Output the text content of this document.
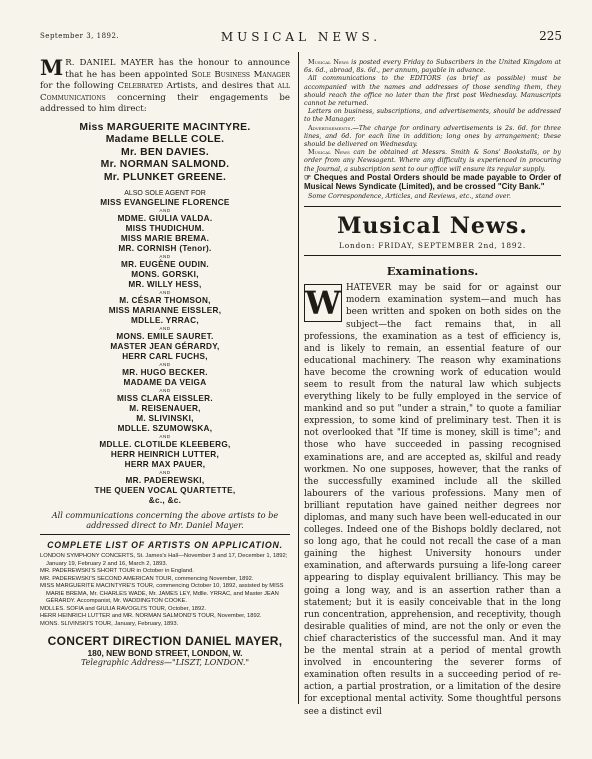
September 3, 1892.	MUSICAL NEWS.	225
M R. DANIEL MAYER has the honour to announce that he has been appointed Sole Business Manager for the following Celebrated Artists, and desires that all Communications concerning their engagements be addressed to him direct:
Miss MARGUERITE MACINTYRE.
Madame BELLE COLE.
Mr. BEN DAVIES.
Mr. NORMAN SALMOND.
Mr. PLUNKET GREENE.
ALSO SOLE AGENT FOR
MISS EVANGELINE FLORENCE
AND
MDME. GIULIA VALDA.
MISS THUDICHUM.
MISS MARIE BREMA.
MR. CORNISH (Tenor).
AND
MR. EUGÈNE OUDIN.
MONS. GORSKI,
MR. WILLY HESS,
AND
M. CÉSAR THOMSON,
MISS MARIANNE EISSLER,
MDLLE. YRRAC,
AND
MONS. EMILE SAURET.
MASTER JEAN GÉRARDY,
HERR CARL FUCHS,
AND
MR. HUGO BECKER.
MADAME DA VEIGA
AND
MISS CLARA EISSLER.
M. REISENAUER,
M. SLIVINSKI,
MDLLE. SZUMOWSKA,
AND
MDLLE. CLOTILDE KLEEBERG,
HERR HEINRICH LUTTER,
HERR MAX PAUER,
AND
MR. PADEREWSKI,
THE QUEEN VOCAL QUARTETTE,
&c., &c.
All communications concerning the above artists to be addressed direct to Mr. Daniel Mayer.
COMPLETE LIST OF ARTISTS ON APPLICATION.
LONDON SYMPHONY CONCERTS, St. James's Hall—November 3 and 17, December 1, 1892; January 19, February 2 and 16, March 2, 1893.
MR. PADEREWSKI'S SHORT TOUR in October in England.
MR. PADEREWSKI'S SECOND AMERICAN TOUR, commencing November, 1892.
MISS MARGUERITE MACINTYRE'S TOUR, commencing October 10, 1892, assisted by MISS MARIE BREMA, Mr. CHARLES WADE, Mr. JAMES LEY, Mdlle. YRRAC, and Master JEAN GÉRARDY. Accompanist, Mr. WADDINGTON COOKE.
MDLLES. SOFIA and GIULIA RAVOGLI'S TOUR, October, 1892.
HERR HEINRICH LUTTER and MR. NORMAN SALMOND'S TOUR, November, 1892.
MONS. SLIVINSKI'S TOUR, January, February, 1893.
CONCERT DIRECTION DANIEL MAYER,
180, NEW BOND STREET, LONDON, W.
Telegraphic Address—"LISZT, LONDON."

Musical News is posted every Friday to Subscribers in the United Kingdom at 6s. 6d., abroad, 8s. 6d., per annum, payable in advance.

All communications to the EDITORS (as brief as possible) must be accompanied with the names and addresses of those sending them, they should reach the office no later than the first post Wednesday. Manuscripts cannot be returned.

Letters on business, subscriptions, and advertisements, should be addressed to the Manager.

Advertisements.—The charge for ordinary advertisements is 2s. 6d. for three lines, and 6d. for each line in addition; long ones by arrangement; these should be delivered on Wednesday.

Musical News can be obtained at Messrs. Smith & Sons' Bookstalls, or by order from any Newsagent. Where any difficulty is experienced in procuring the Journal, a subscription sent to our office will ensure its regular supply.

☞ Cheques and Postal Orders should be made payable to Order of Musical News Syndicate (Limited), and be crossed "City Bank."

Some Correspondence, Articles, and Reviews, etc., stand over.

Musical News.
London: FRIDAY, SEPTEMBER 2nd, 1892.
Examinations.
W HATEVER may be said for or against our modern examination system—and much has been written and spoken on both sides on the subject—the fact remains that, in all professions, the examination as a test of efficiency is, and is likely to remain, an essential feature of our educational machinery. The reason why examinations have become the crowning work of education would seem to result from the natural law which subjects everything likely to be fully employed in the service of mankind and so put "under a strain," to quote a familiar expression, to some kind of preliminary test. Then it is not overlooked that "If time is money, skill is time"; and those who have succeeded in passing recognised examinations are, and are accepted as, skilful and ready workmen. No one supposes, however, that the ranks of the successfully examined include all the skilled labourers of the various professions. Many men of brilliant reputation have gained neither degrees nor diplomas, and many such have been well-educated in our colleges. Indeed one of the Bishops boldly declared, not so long ago, that he could not recall the case of a man gaining the highest University honours under examination, and afterwards pursuing a life-long career appearing to display equivalent brilliancy. This may be going a long way, and is an assertion rather than a statement; but it is easily conceivable that in the long run concentration, apprehension, and receptivity, though desirable qualities of mind, are not the only or even the chief characteristics of the successful man. And it may be the mental strain at a period of mental growth involved in encountering the severer forms of examination often results in a succeeding period of re-action, a partial prostration, or a limitation of the desire for exceptional mental activity. Some thoughtful persons see a distinct evil
